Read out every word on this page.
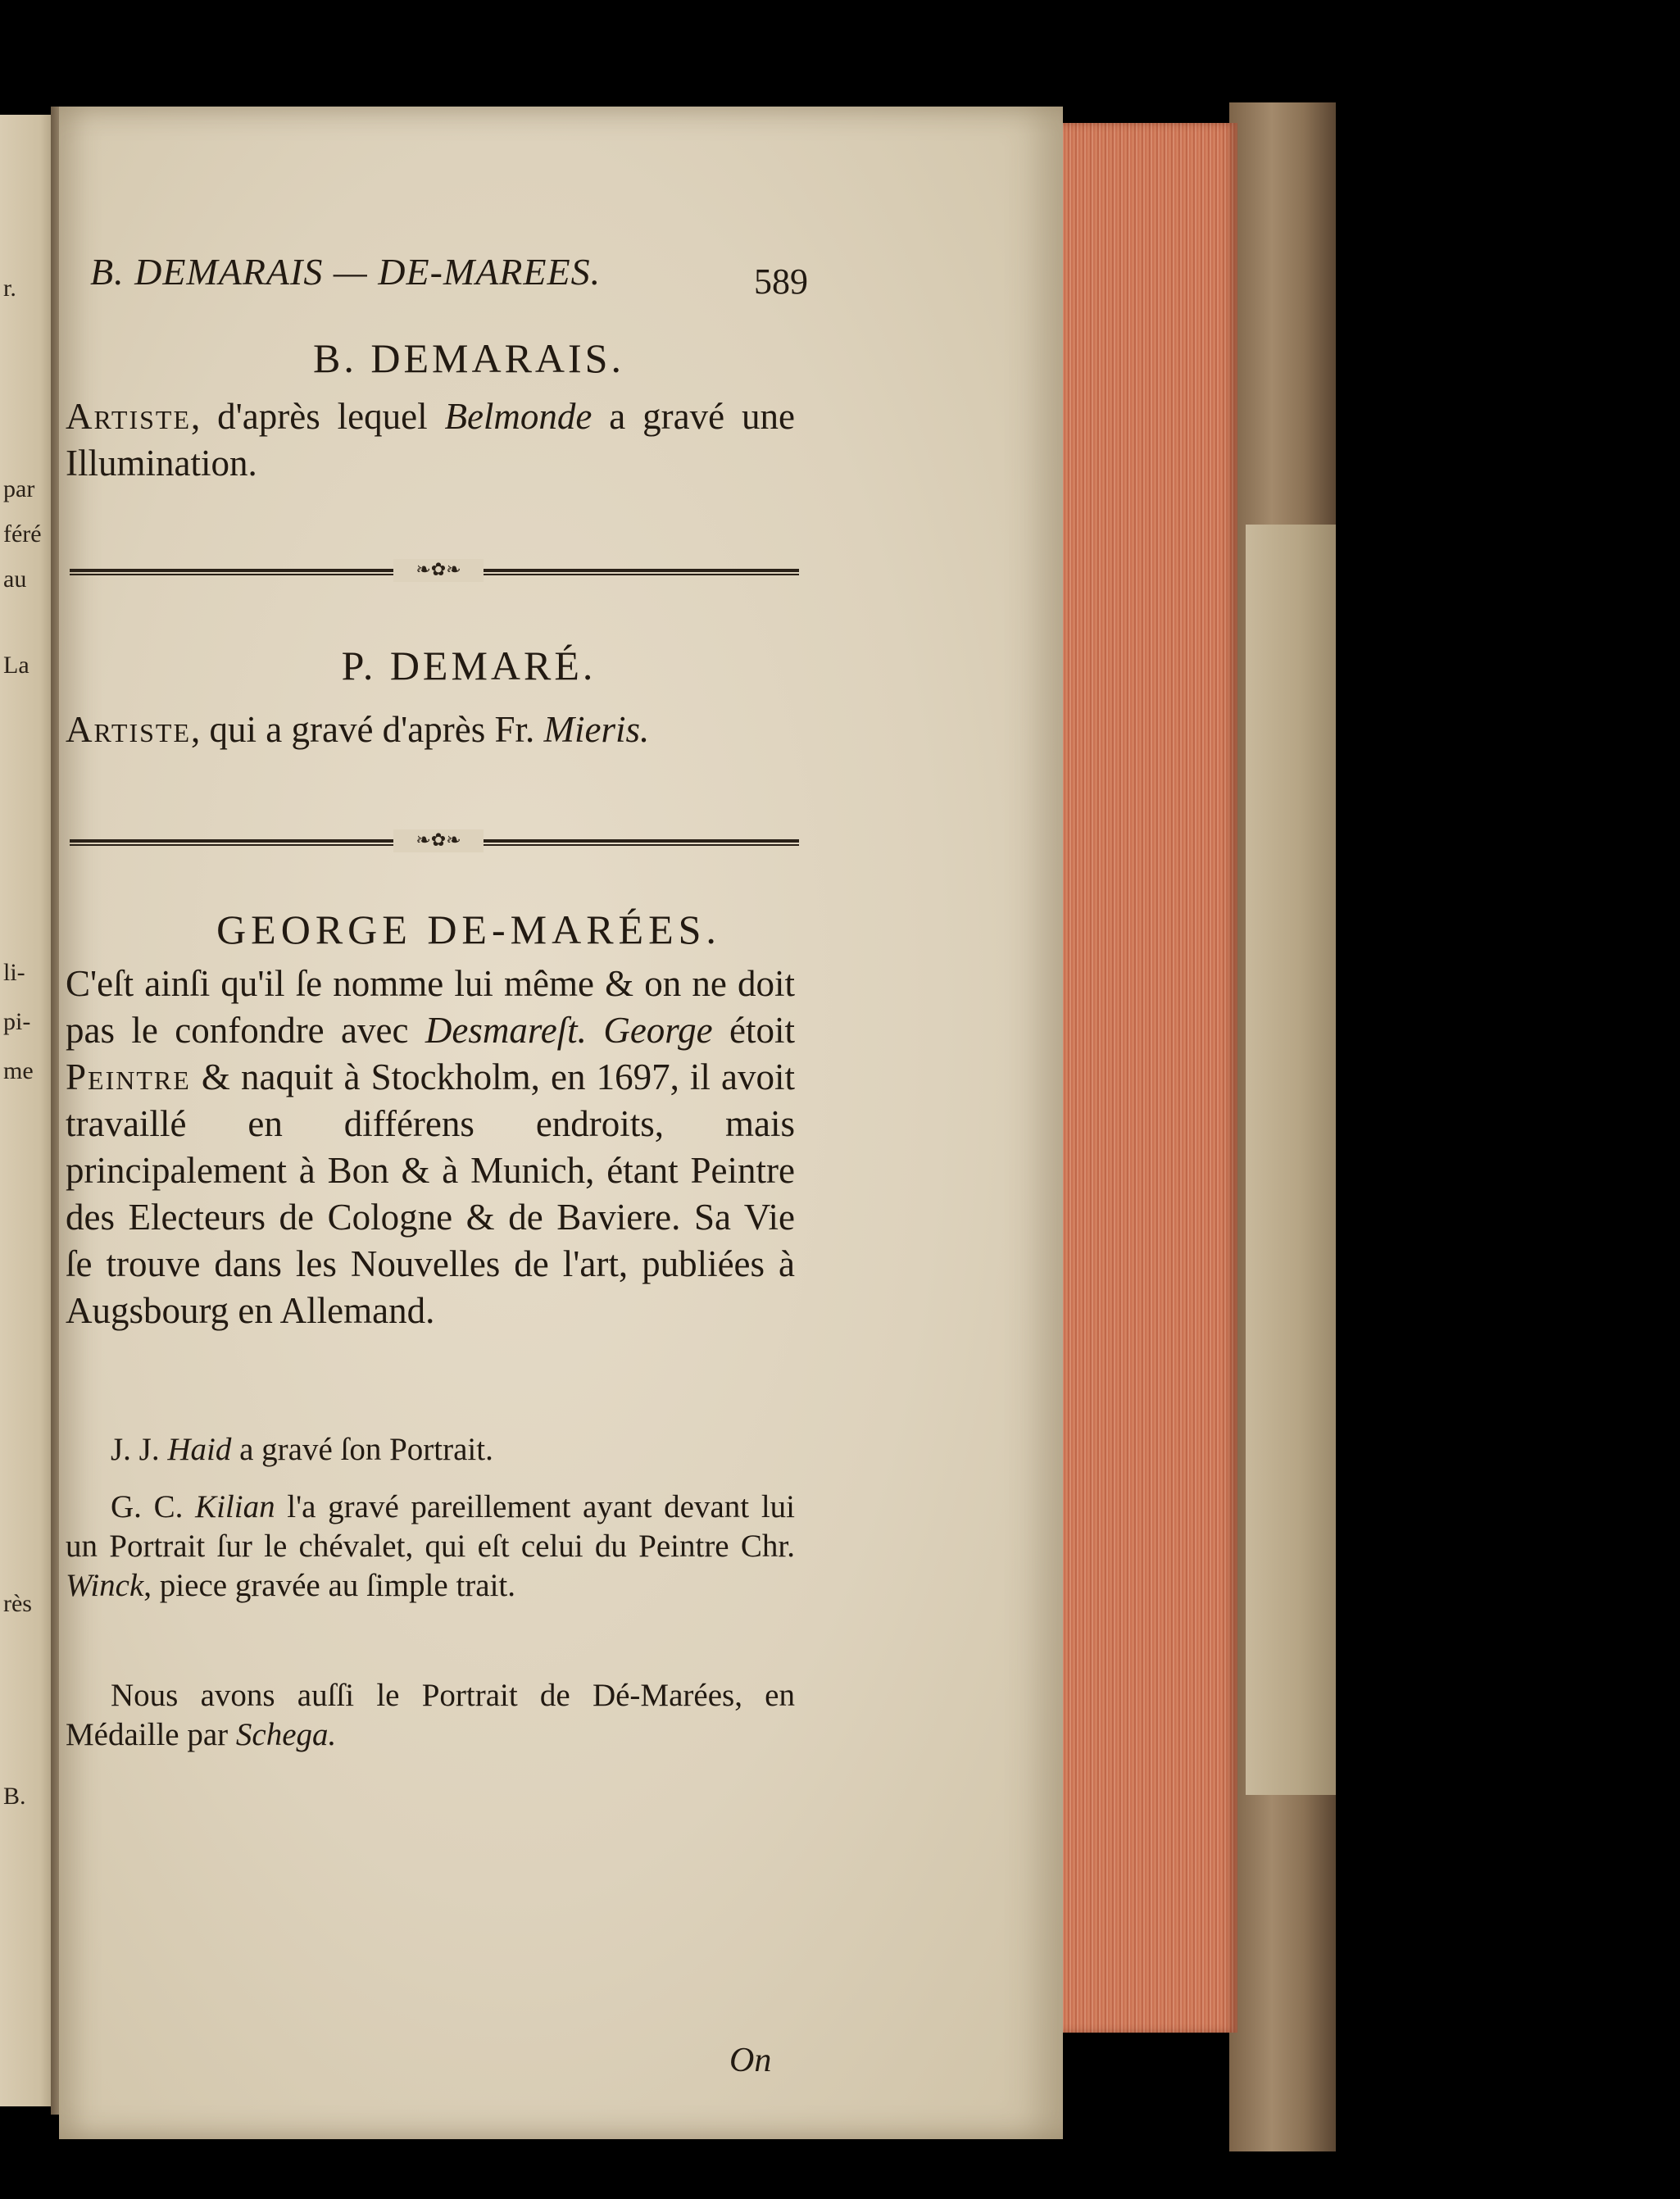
r.
par
féré
au
La
li-
pi-
me
rès
B.
B. DEMARAIS — DE-MAREES.	589
B. DEMARAIS.
Artiste, d'après lequel Belmonde a gravé une Illumination.
❧✿❧
P. DEMARÉ.
Artiste, qui a gravé d'après Fr. Mieris.
❧✿❧
GEORGE DE-MARÉES.
C'eſt ainſi qu'il ſe nomme lui même & on ne doit pas le confondre avec Desmareſt. George étoit Peintre & naquit à Stockholm, en 1697, il avoit travaillé en différens endroits, mais principalement à Bon & à Munich, étant Peintre des Electeurs de Cologne & de Baviere. Sa Vie ſe trouve dans les Nouvelles de l'art, publiées à Augsbourg en Allemand.
J. J. Haid a gravé ſon Portrait.
G. C. Kilian l'a gravé pareillement ayant devant lui un Portrait ſur le chévalet, qui eſt celui du Peintre Chr. Winck, piece gravée au ſimple trait.
Nous avons auſſi le Portrait de Dé-Marées, en Médaille par Schega.
On
